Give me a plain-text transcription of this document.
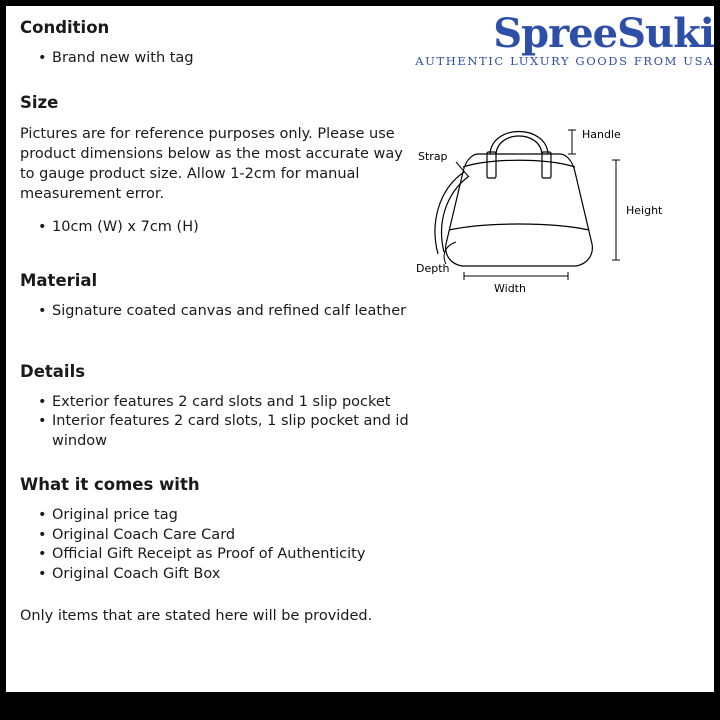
SpreeSuki
AUTHENTIC LUXURY GOODS FROM USA
Strap
Handle
Height
Depth
Width
Condition
• Brand new with tag
Size

Pictures are for reference purposes only. Please use product dimensions below as the most accurate way to gauge product size. Allow 1-2cm for manual measurement error.

• 10cm (W) x 7cm (H)
Material
• Signature coated canvas and refined calf leather
Details
• Exterior features 2 card slots and 1 slip pocket
• Interior features 2 card slots, 1 slip pocket and id window
What it comes with
• Original price tag
• Original Coach Care Card
• Official Gift Receipt as Proof of Authenticity
• Original Coach Gift Box

Only items that are stated here will be provided.
